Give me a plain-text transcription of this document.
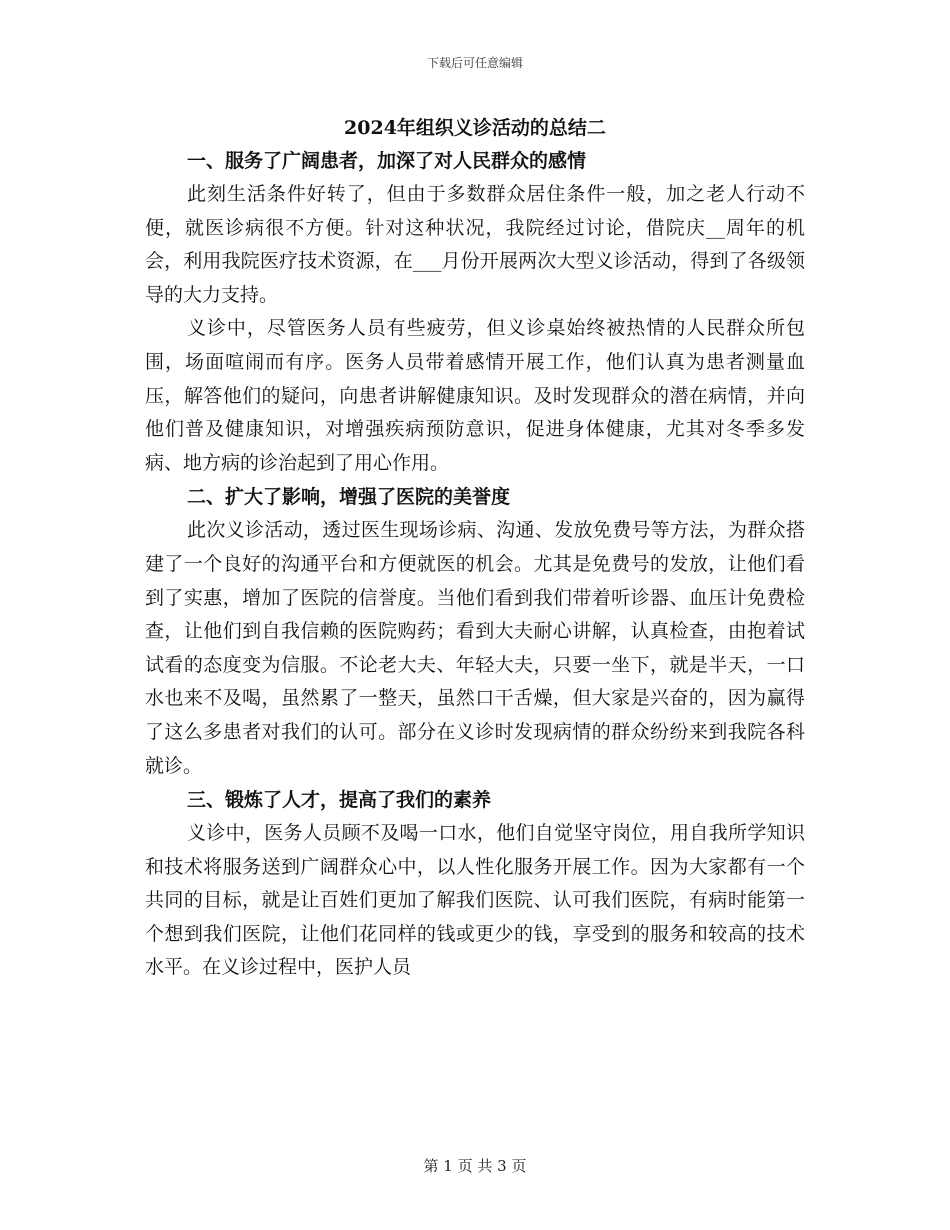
下载后可任意编辑
2024年组织义诊活动的总结二
一、服务了广阔患者，加深了对人民群众的感情

此刻生活条件好转了，但由于多数群众居住条件一般，加之老人行动不便，就医诊病很不方便。针对这种状况，我院经过讨论，借院庆__周年的机会，利用我院医疗技术资源，在___月份开展两次大型义诊活动，得到了各级领导的大力支持。

义诊中，尽管医务人员有些疲劳，但义诊桌始终被热情的人民群众所包围，场面喧闹而有序。医务人员带着感情开展工作，他们认真为患者测量血压，解答他们的疑问，向患者讲解健康知识。及时发现群众的潜在病情，并向他们普及健康知识，对增强疾病预防意识，促进身体健康，尤其对冬季多发病、地方病的诊治起到了用心作用。

二、扩大了影响，增强了医院的美誉度

此次义诊活动，透过医生现场诊病、沟通、发放免费号等方法，为群众搭建了一个良好的沟通平台和方便就医的机会。尤其是免费号的发放，让他们看到了实惠，增加了医院的信誉度。当他们看到我们带着听诊器、血压计免费检查，让他们到自我信赖的医院购药；看到大夫耐心讲解，认真检查，由抱着试试看的态度变为信服。不论老大夫、年轻大夫，只要一坐下，就是半天，一口水也来不及喝，虽然累了一整天，虽然口干舌燥，但大家是兴奋的，因为赢得了这么多患者对我们的认可。部分在义诊时发现病情的群众纷纷来到我院各科就诊。

三、锻炼了人才，提高了我们的素养

义诊中，医务人员顾不及喝一口水，他们自觉坚守岗位，用自我所学知识和技术将服务送到广阔群众心中，以人性化服务开展工作。因为大家都有一个共同的目标，就是让百姓们更加了解我们医院、认可我们医院，有病时能第一个想到我们医院，让他们花同样的钱或更少的钱，享受到的服务和较高的技术水平。在义诊过程中，医护人员

第 1 页 共 3 页
